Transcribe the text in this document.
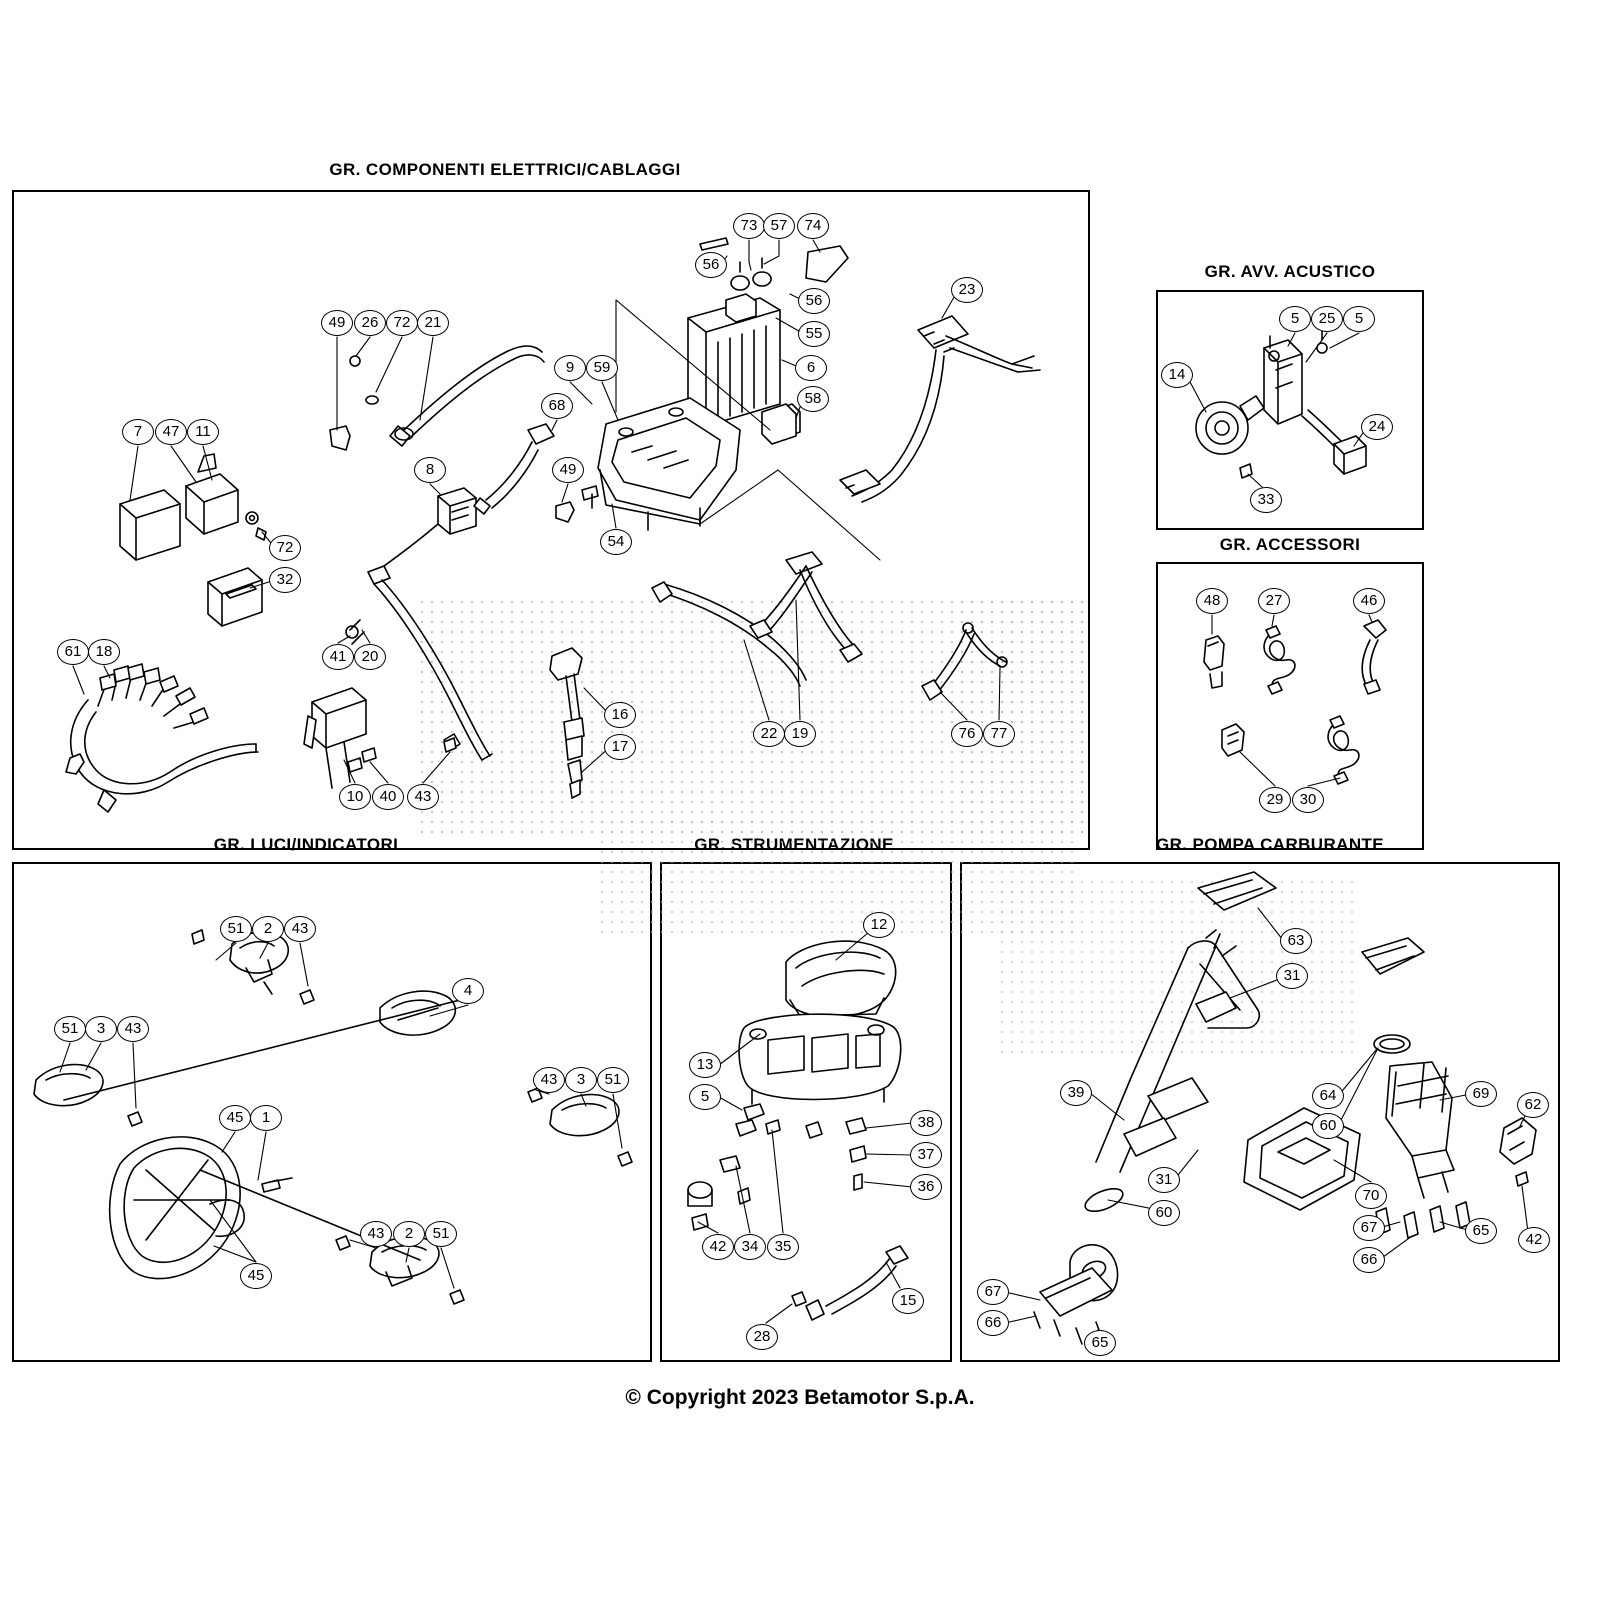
GR. COMPONENTI ELETTRICI/CABLAGGI
GR. AVV. ACUSTICO
GR. ACCESSORI
GR. LUCI/INDICATORI	GR. POMPA CARBURANTE
73 57	74
56
56
55
23
49	26	72 21
6
9	59
58
68
7	47	11
8	49
54
72
32
61 18	41	20
16
17
22 19	76	77
10	40	43
5	25	5
14
24
33
48	27	46
29	30
51	2	43
4
51	3	43
43	3	51
45	1
43	2	51
45
12
13
5
38
37
36
42	34	35
15
28
63
31
64
60
39	69
62
31
60
70
67	65
42
66
67
66
65
© Copyright 2023 Betamotor S.p.A.
